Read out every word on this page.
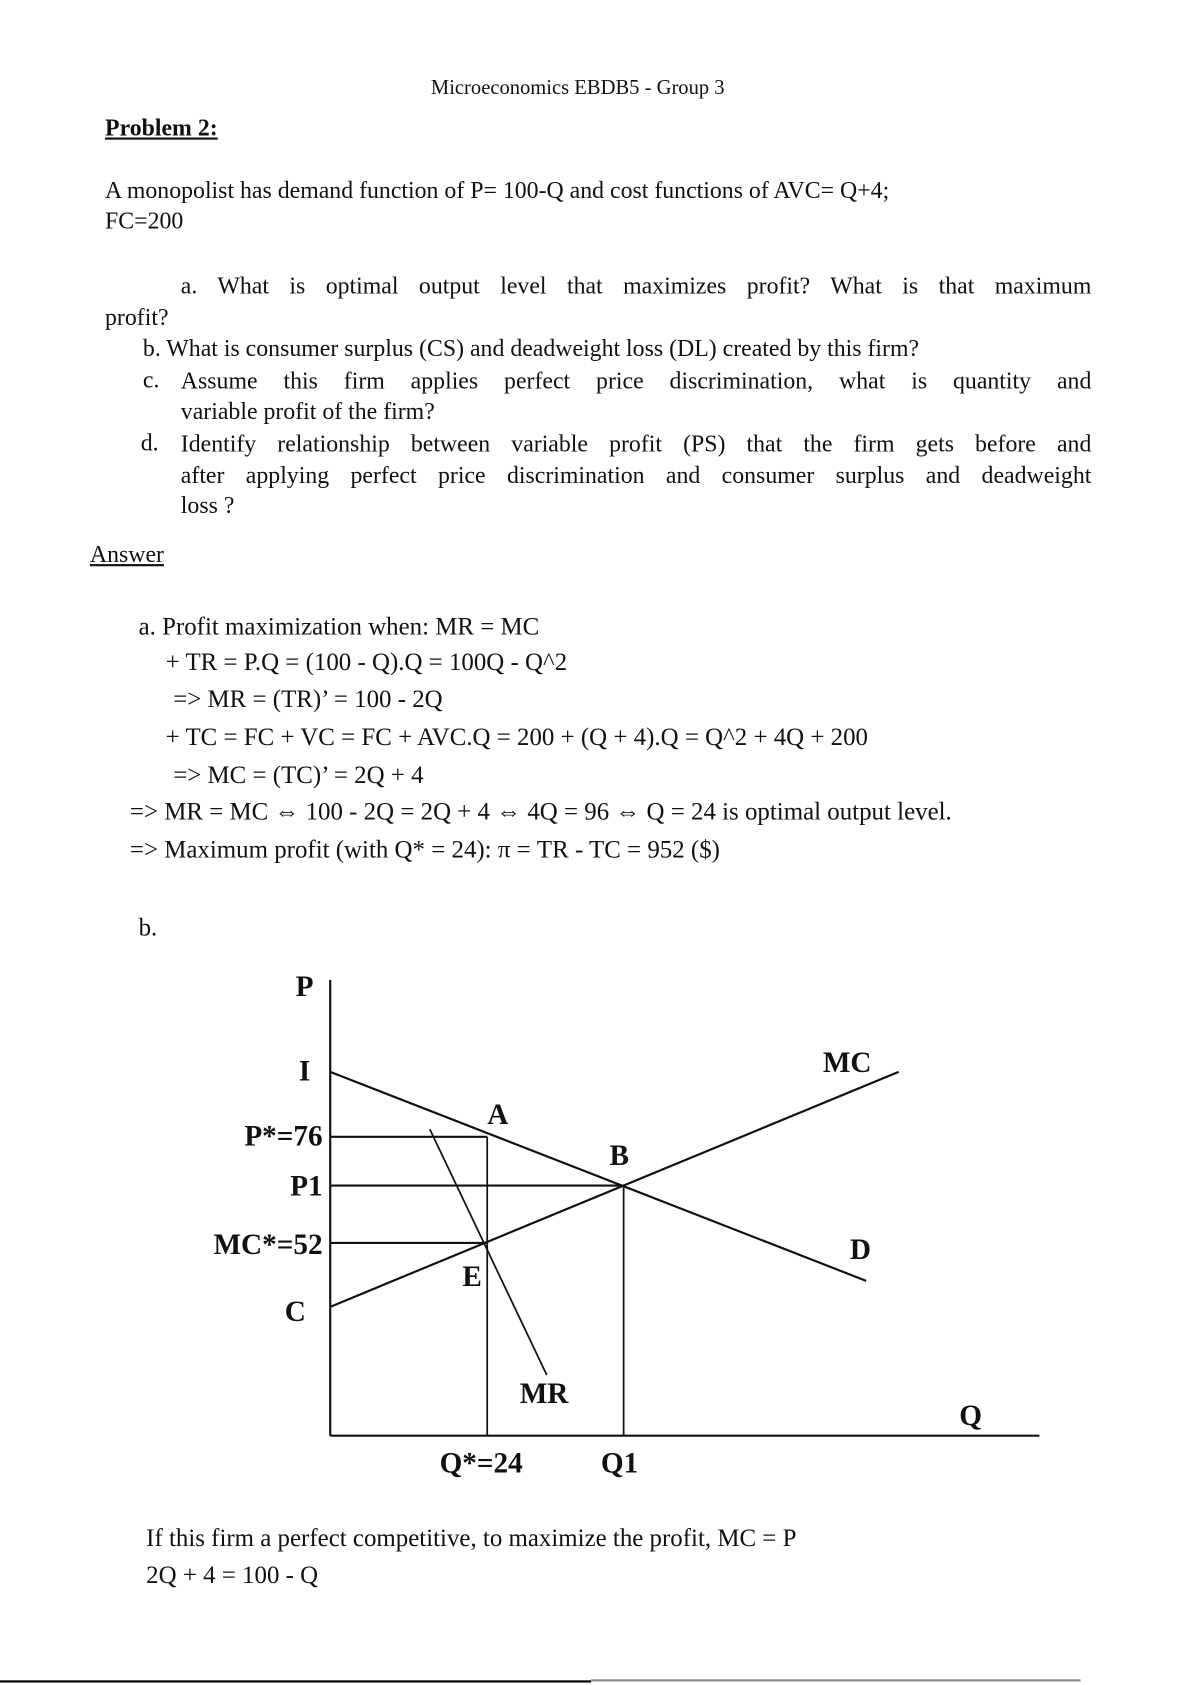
Microeconomics EBDB5 - Group 3
Problem 2:
A monopolist has demand function of P= 100-Q and cost functions of AVC= Q+4;
FC=200
a. What is optimal output level that maximizes profit? What is that maximum
profit?
b. What is consumer surplus (CS) and deadweight loss (DL) created by this firm?
c. Assume this firm applies perfect price discrimination, what is quantity and
variable profit of the firm?
d. Identify relationship between variable profit (PS) that the firm gets before and
after applying perfect price discrimination and consumer surplus and deadweight
loss ?
Answer
a. Profit maximization when: MR = MC
+ TR = P.Q = (100 - Q).Q = 100Q - Q^2
=> MR = (TR)’ = 100 - 2Q
+ TC = FC + VC = FC + AVC.Q = 200 + (Q + 4).Q = Q^2 + 4Q + 200
=> MC = (TC)’ = 2Q + 4
=> MR = MC ⇔ 100 - 2Q = 2Q + 4 ⇔ 4Q = 96 ⇔ Q = 24 is optimal output level.
=> Maximum profit (with Q* = 24): π = TR - TC = 952 ($)
b.
P
I
P*=76
P1
MC*=52
C
A
B
E
MC
D
MR
Q
Q*=24	Q1
If this firm a perfect competitive, to maximize the profit, MC = P
2Q + 4 = 100 - Q
